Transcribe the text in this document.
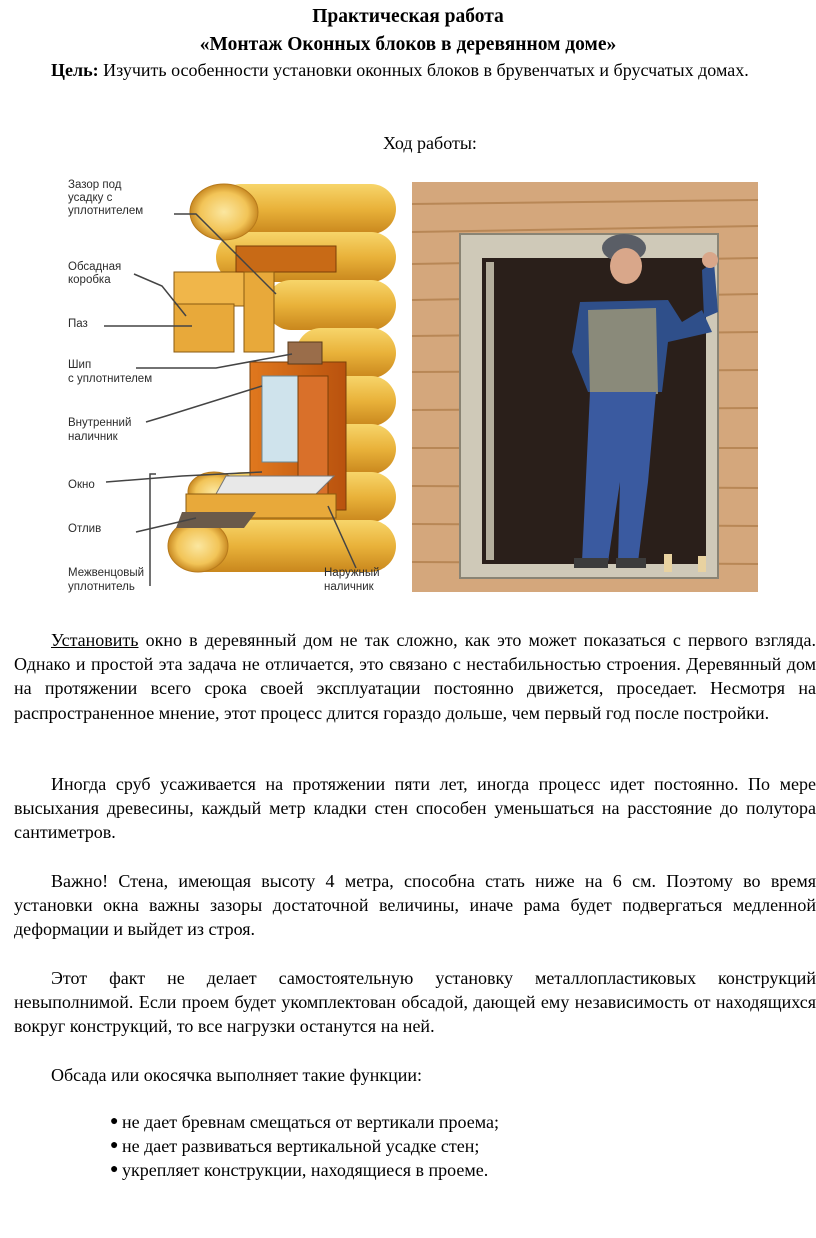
Практическая работа
«Монтаж Оконных блоков в деревянном доме»
Цель: Изучить особенности установки оконных блоков в брувенчатых и брусчатых домах.
Ход работы:
Зазор под
усадку с
уплотнителем
Обсадная
коробка
Паз
Шип
с уплотнителем
Внутренний
наличник
Окно
Отлив
Межвенцовый
уплотнитель
Наружный
наличник

Установить окно в деревянный дом не так сложно, как это может показаться с первого взгляда. Однако и простой эта задача не отличается, это связано с нестабильностью строения. Деревянный дом на протяжении всего срока своей эксплуатации постоянно движется, проседает. Несмотря на распространенное мнение, этот процесс длится гораздо дольше, чем первый год после постройки.

Иногда сруб усаживается на протяжении пяти лет, иногда процесс идет постоянно. По мере высыхания древесины, каждый метр кладки стен способен уменьшаться на расстояние до полутора сантиметров.

Важно! Стена, имеющая высоту 4 метра, способна стать ниже на 6 см. Поэтому во время установки окна важны зазоры достаточной величины, иначе рама будет подвергаться медленной деформации и выйдет из строя.

Этот факт не делает самостоятельную установку металлопластиковых конструкций невыполнимой. Если проем будет укомплектован обсадой, дающей ему независимость от находящихся вокруг конструкций, то все нагрузки останутся на ней.

Обсада или окосячка выполняет такие функции:

● не дает бревнам смещаться от вертикали проема;
● не дает развиваться вертикальной усадке стен;
● укрепляет конструкции, находящиеся в проеме.
